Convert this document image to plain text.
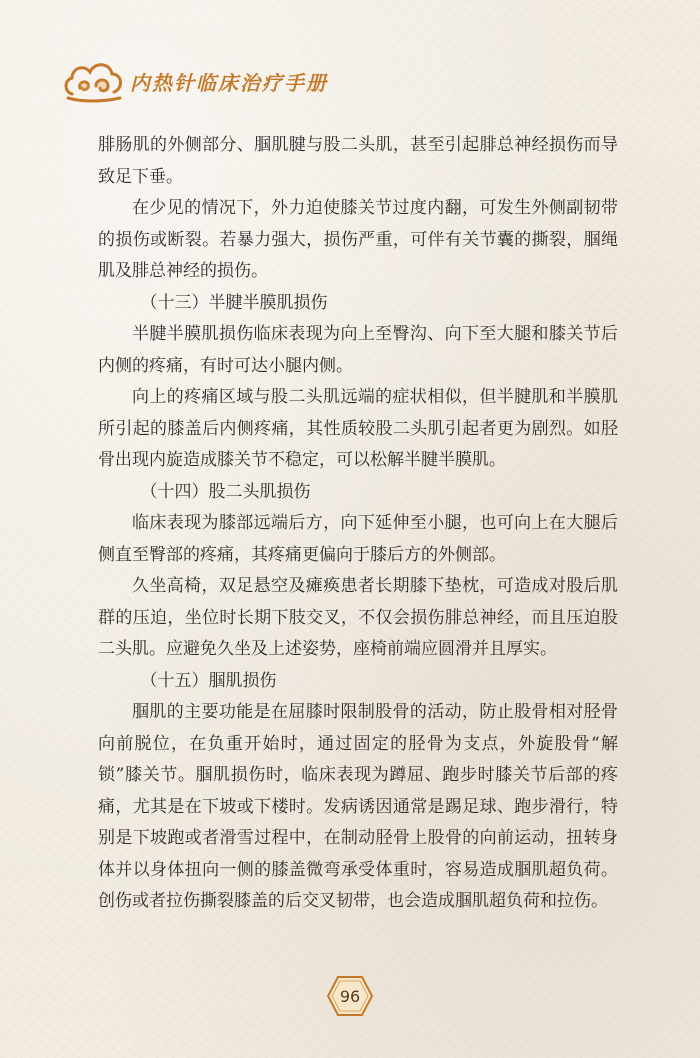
内热针临床治疗手册

腓肠肌的外侧部分、腘肌腱与股二头肌，甚至引起腓总神经损伤而导致足下垂。

在少见的情况下，外力迫使膝关节过度内翻，可发生外侧副韧带的损伤或断裂。若暴力强大，损伤严重，可伴有关节囊的撕裂，腘绳肌及腓总神经的损伤。

（十三）半腱半膜肌损伤

半腱半膜肌损伤临床表现为向上至臀沟、向下至大腿和膝关节后内侧的疼痛，有时可达小腿内侧。

向上的疼痛区域与股二头肌远端的症状相似，但半腱肌和半膜肌所引起的膝盖后内侧疼痛，其性质较股二头肌引起者更为剧烈。如胫骨出现内旋造成膝关节不稳定，可以松解半腱半膜肌。

（十四）股二头肌损伤

临床表现为膝部远端后方，向下延伸至小腿，也可向上在大腿后侧直至臀部的疼痛，其疼痛更偏向于膝后方的外侧部。

久坐高椅，双足悬空及瘫痪患者长期膝下垫枕，可造成对股后肌群的压迫，坐位时长期下肢交叉，不仅会损伤腓总神经，而且压迫股二头肌。应避免久坐及上述姿势，座椅前端应圆滑并且厚实。

（十五）腘肌损伤

腘肌的主要功能是在屈膝时限制股骨的活动，防止股骨相对胫骨向前脱位，在负重开始时，通过固定的胫骨为支点，外旋股骨“解锁”膝关节。腘肌损伤时，临床表现为蹲屈、跑步时膝关节后部的疼痛，尤其是在下坡或下楼时。发病诱因通常是踢足球、跑步滑行，特别是下坡跑或者滑雪过程中，在制动胫骨上股骨的向前运动，扭转身体并以身体扭向一侧的膝盖微弯承受体重时，容易造成腘肌超负荷。创伤或者拉伤撕裂膝盖的后交叉韧带，也会造成腘肌超负荷和拉伤。

96
